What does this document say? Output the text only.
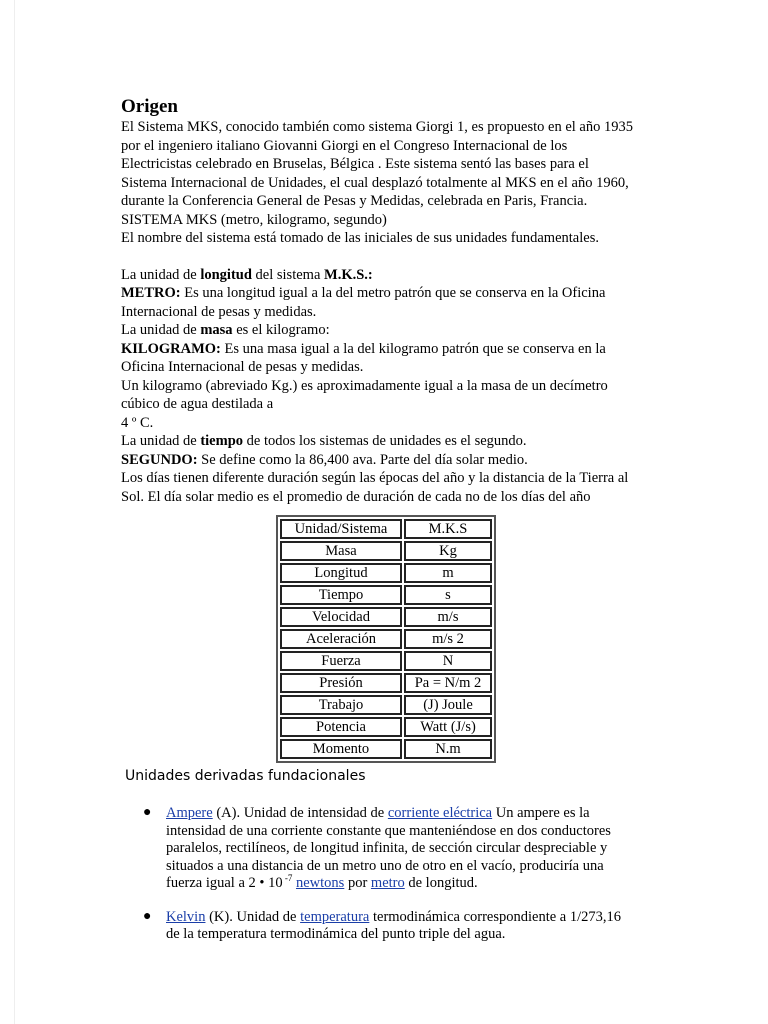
Origen

El Sistema MKS, conocido también como sistema Giorgi 1, es propuesto en el año 1935

por el ingeniero italiano Giovanni Giorgi en el Congreso Internacional de los

Electricistas celebrado en Bruselas, Bélgica . Este sistema sentó las bases para el

Sistema Internacional de Unidades, el cual desplazó totalmente al MKS en el año 1960,

durante la Conferencia General de Pesas y Medidas, celebrada en Paris, Francia.

SISTEMA MKS (metro, kilogramo, segundo)

El nombre del sistema está tomado de las iniciales de sus unidades fundamentales.

La unidad de longitud del sistema M.K.S.:

METRO: Es una longitud igual a la del metro patrón que se conserva en la Oficina

Internacional de pesas y medidas.

La unidad de masa es el kilogramo:

KILOGRAMO: Es una masa igual a la del kilogramo patrón que se conserva en la

Oficina Internacional de pesas y medidas.

Un kilogramo (abreviado Kg.) es aproximadamente igual a la masa de un decímetro

cúbico de agua destilada a

4 º C.

La unidad de tiempo de todos los sistemas de unidades es el segundo.

SEGUNDO: Se define como la 86,400 ava. Parte del día solar medio.

Los días tienen diferente duración según las épocas del año y la distancia de la Tierra al

Sol. El día solar medio es el promedio de duración de cada no de los días del año

Unidad/Sistema	M.K.S
Masa	Kg
Longitud	m
Tiempo	s
Velocidad	m/s
Aceleración	m/s 2
Fuerza	N
Presión	Pa = N/m 2
Trabajo	(J) Joule
Potencia	Watt (J/s)
Momento	N.m
Unidades derivadas fundacionales
● Ampere (A). Unidad de intensidad de corriente eléctrica Un ampere es la intensidad de una corriente constante que manteniéndose en dos conductores paralelos, rectilíneos, de longitud infinita, de sección circular despreciable y situados a una distancia de un metro uno de otro en el vacío, produciría una fuerza igual a 2 • 10 $^{-7}$ newtons por metro de longitud.
● Kelvin (K). Unidad de temperatura termodinámica correspondiente a 1/273,16 de la temperatura termodinámica del punto triple del agua.
